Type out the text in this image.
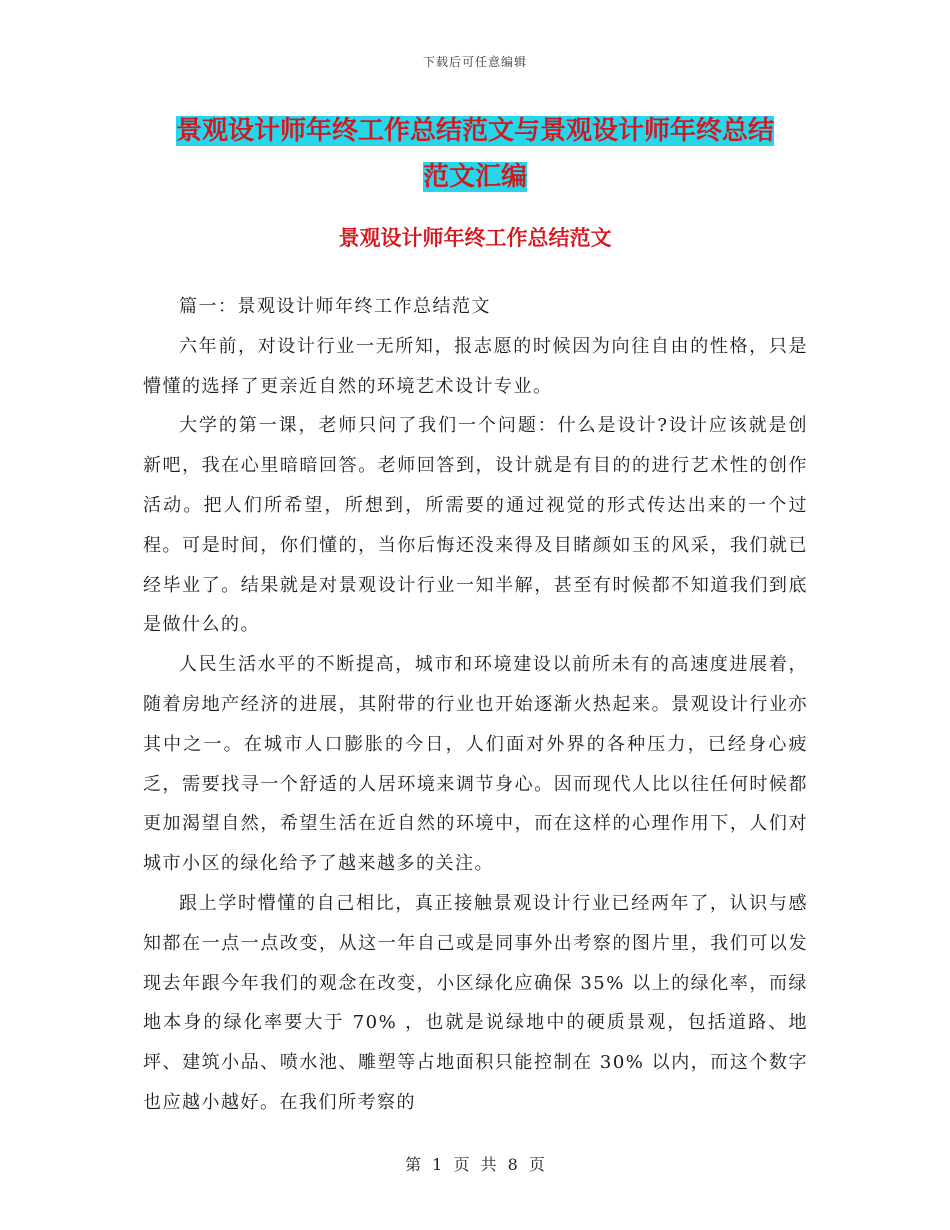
下载后可任意编辑
景观设计师年终工作总结范文与景观设计师年终总结
范文汇编
景观设计师年终工作总结范文

篇一：景观设计师年终工作总结范文

六年前，对设计行业一无所知，报志愿的时候因为向往自由的性格，只是懵懂的选择了更亲近自然的环境艺术设计专业。

大学的第一课，老师只问了我们一个问题：什么是设计?设计应该就是创新吧，我在心里暗暗回答。老师回答到，设计就是有目的的进行艺术性的创作活动。把人们所希望，所想到，所需要的通过视觉的形式传达出来的一个过程。可是时间，你们懂的，当你后悔还没来得及目睹颜如玉的风采，我们就已经毕业了。结果就是对景观设计行业一知半解，甚至有时候都不知道我们到底是做什么的。

人民生活水平的不断提高，城市和环境建设以前所未有的高速度进展着，随着房地产经济的进展，其附带的行业也开始逐渐火热起来。景观设计行业亦其中之一。在城市人口膨胀的今日，人们面对外界的各种压力，已经身心疲乏，需要找寻一个舒适的人居环境来调节身心。因而现代人比以往任何时候都更加渴望自然，希望生活在近自然的环境中，而在这样的心理作用下，人们对城市小区的绿化给予了越来越多的关注。

跟上学时懵懂的自己相比，真正接触景观设计行业已经两年了，认识与感知都在一点一点改变，从这一年自己或是同事外出考察的图片里，我们可以发现去年跟今年我们的观念在改变，小区绿化应确保 35% 以上的绿化率，而绿地本身的绿化率要大于 70% ，也就是说绿地中的硬质景观，包括道路、地坪、建筑小品、喷水池、雕塑等占地面积只能控制在 30% 以内，而这个数字也应越小越好。在我们所考察的

第 1 页 共 8 页
